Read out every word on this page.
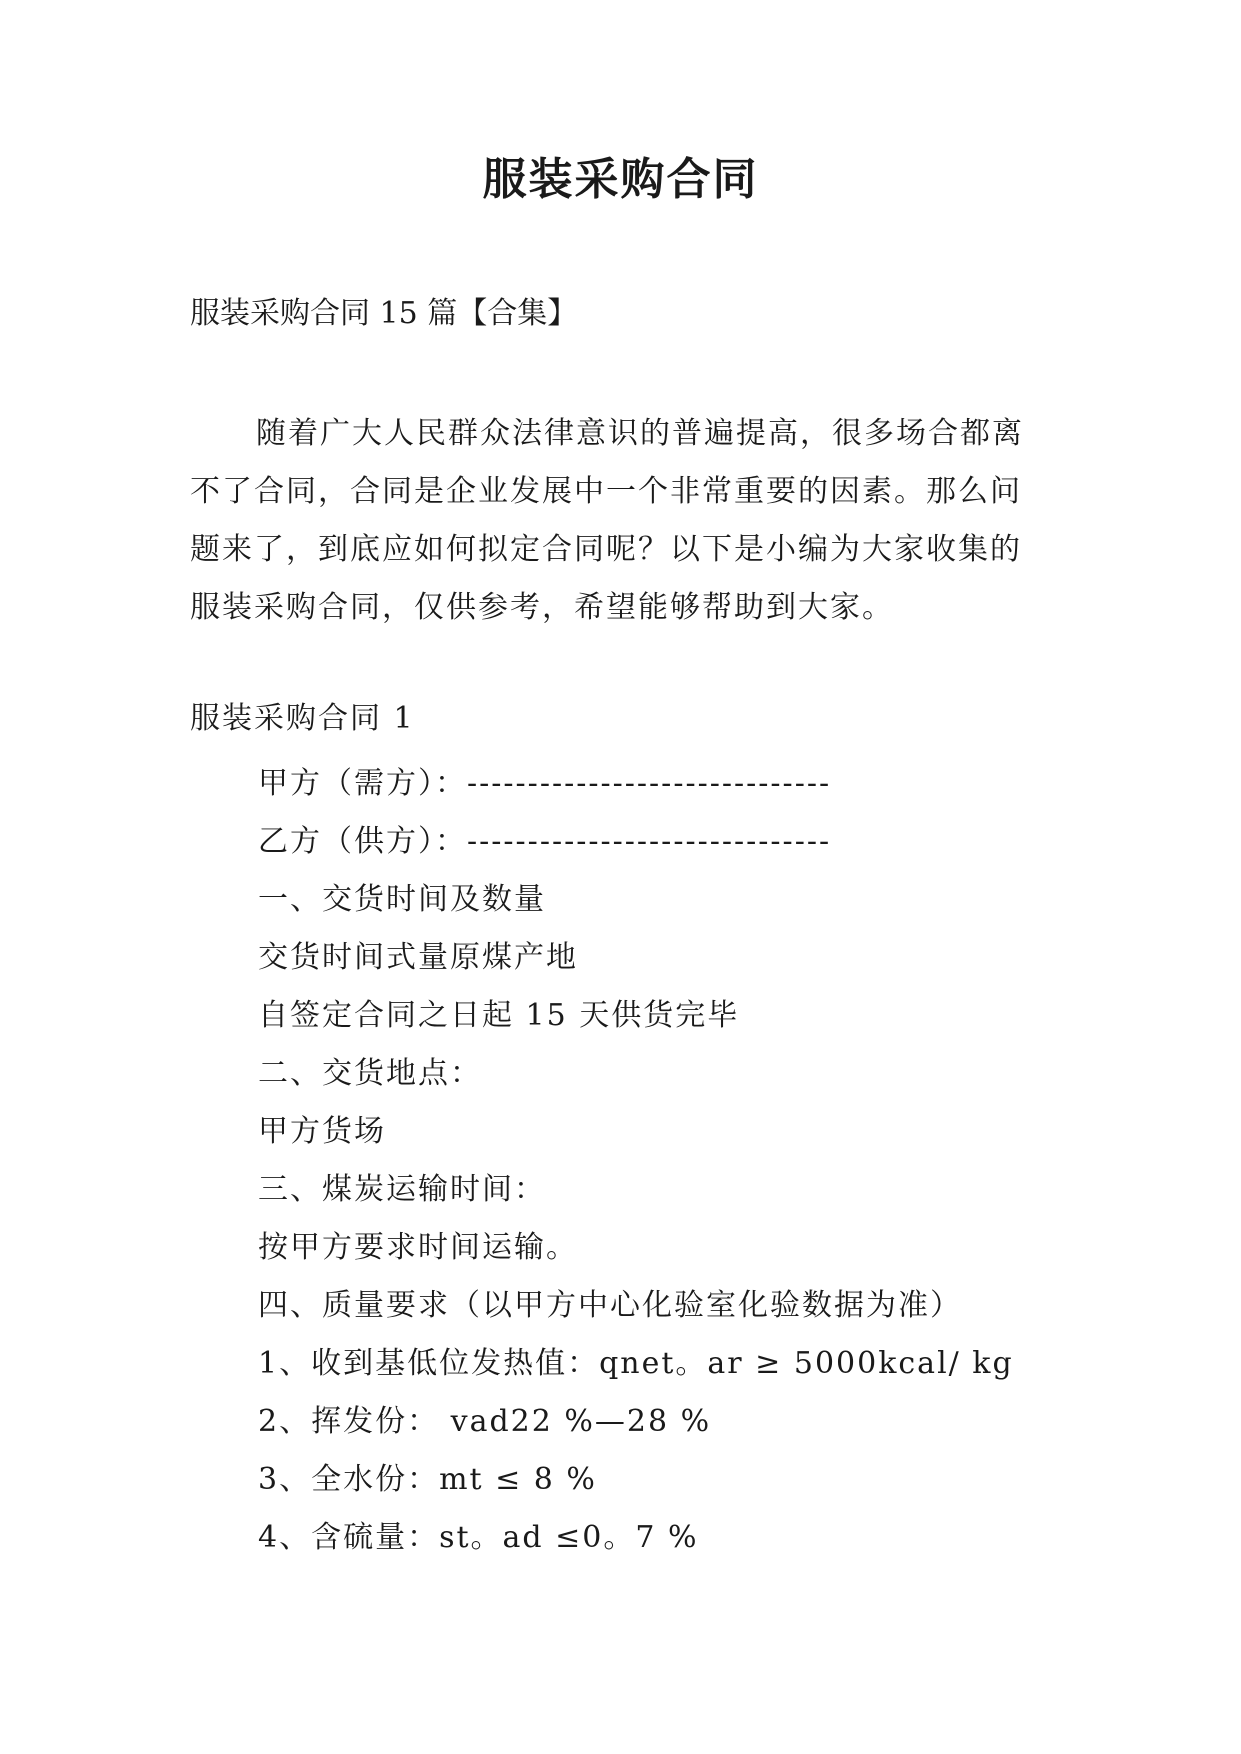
服装采购合同
服装采购合同 15 篇【合集】
随着广大人民群众法律意识的普遍提高，很多场合都离
不了合同，合同是企业发展中一个非常重要的因素。那么问
题来了，到底应如何拟定合同呢？以下是小编为大家收集的
服装采购合同，仅供参考，希望能够帮助到大家。
服装采购合同 1
甲方（需方）：------------------------------
乙方（供方）：------------------------------
一、交货时间及数量
交货时间式量原煤产地
自签定合同之日起 15 天供货完毕
二、交货地点：
甲方货场
三、煤炭运输时间：
按甲方要求时间运输。
四、质量要求（以甲方中心化验室化验数据为准）
1、收到基低位发热值：qnet。ar ≥ 5000kcal/ kg
2、挥发份： vad22 %—28 %
3、全水份：mt ≤ 8 %
4、含硫量：st。ad ≤0。7 %
